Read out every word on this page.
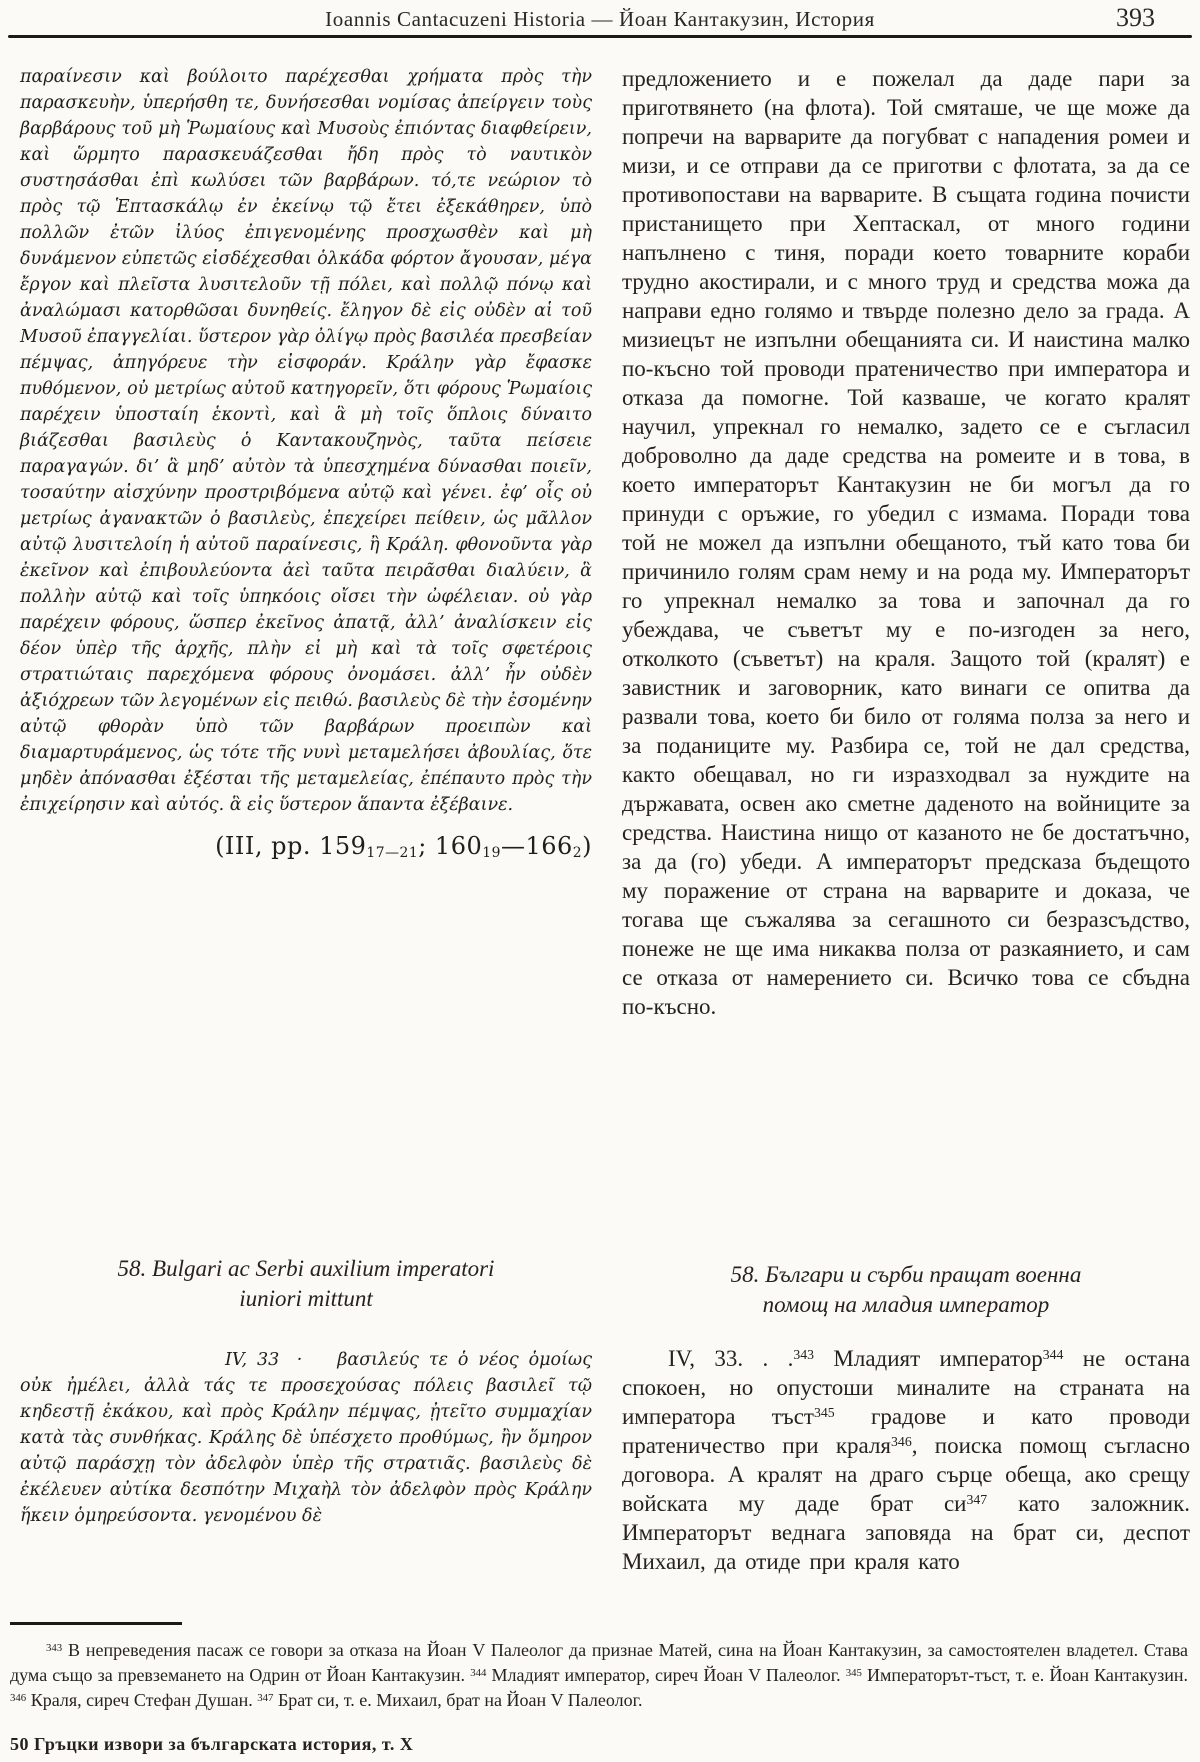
Ioannis Cantacuzeni Historia — Йоан Кантакузин, История	393

παραίνεσιν καὶ βούλοιτο παρέχεσθαι χρήματα πρὸς τὴν παρασκευὴν, ὑπερήσθη τε, δυνήσεσθαι νομίσας ἀπείργειν τοὺς βαρβάρους τοῦ μὴ Ῥωμαίους καὶ Μυσοὺς ἐπιόντας διαφθείρειν, καὶ ὥρμητο παρασκευάζεσθαι ἤδη πρὸς τὸ ναυτικὸν συστησάσθαι ἐπὶ κωλύσει τῶν βαρβάρων. τό,τε νεώριον τὸ πρὸς τῷ Ἑπτασκάλῳ ἐν ἐκείνῳ τῷ ἔτει ἐξεκάθηρεν, ὑπὸ πολλῶν ἐτῶν ἰλύος ἐπιγενομένης προσχωσθὲν καὶ μὴ δυνάμενον εὐπετῶς εἰσδέχεσθαι ὁλκάδα φόρτον ἄγουσαν, μέγα ἔργον καὶ πλεῖστα λυσιτελοῦν τῇ πόλει, καὶ πολλῷ πόνῳ καὶ ἀναλώμασι κατορθῶσαι δυνηθείς. ἔληγον δὲ εἰς οὐδὲν αἱ τοῦ Μυσοῦ ἐπαγγελίαι. ὕστερον γὰρ ὀλίγῳ πρὸς βασιλέα πρεσβείαν πέμψας, ἀπηγόρευε τὴν εἰσφοράν. Κράλην γὰρ ἔφασκε πυθόμενον, οὐ μετρίως αὐτοῦ κατηγορεῖν, ὅτι φόρους Ῥωμαίοις παρέχειν ὑποσταίη ἑκοντὶ, καὶ ἃ μὴ τοῖς ὅπλοις δύναιτο βιάζεσθαι βασιλεὺς ὁ Καντακουζηνὸς, ταῦτα πείσειε παραγαγών. δι’ ἃ μηδ’ αὐτὸν τὰ ὑπεσχημένα δύνασθαι ποιεῖν, τοσαύτην αἰσχύνην προστριβόμενα αὐτῷ καὶ γένει. ἐφ’ οἷς οὐ μετρίως ἀγανακτῶν ὁ βασιλεὺς, ἐπεχείρει πείθειν, ὡς μᾶλλον αὐτῷ λυσιτελοίη ἡ αὐτοῦ παραίνεσις, ἢ Κράλη. φθονοῦντα γὰρ ἐκεῖνον καὶ ἐπιβουλεύοντα ἀεὶ ταῦτα πειρᾶσθαι διαλύειν, ἃ πολλὴν αὐτῷ καὶ τοῖς ὑπηκόοις οἴσει τὴν ὠφέλειαν. οὐ γὰρ παρέχειν φόρους, ὥσπερ ἐκεῖνος ἀπατᾷ, ἀλλ’ ἀναλίσκειν εἰς δέον ὑπὲρ τῆς ἀρχῆς, πλὴν εἰ μὴ καὶ τὰ τοῖς σφετέροις στρατιώταις παρεχόμενα φόρους ὀνομάσει. ἀλλ’ ἦν οὐδὲν ἀξιόχρεων τῶν λεγομένων εἰς πειθώ. βασιλεὺς δὲ τὴν ἐσομένην αὐτῷ φθορὰν ὑπὸ τῶν βαρβάρων προειπὼν καὶ διαμαρτυράμενος, ὡς τότε τῆς νυνὶ μεταμελήσει ἀβουλίας, ὅτε μηδὲν ἀπόνασθαι ἐξέσται τῆς μεταμελείας, ἐπέπαυτο πρὸς τὴν ἐπιχείρησιν καὶ αὐτός. ἃ εἰς ὕστερον ἅπαντα ἐξέβαινε.

(III, pp. $159_{17—21}$; $160_{19}—166_2$)

58. Bulgari ac Serbi auxilium imperatori
iuniori mittunt

IV, 33 ·  βασιλεύς τε ὁ νέος ὁμοίως οὐκ ἠμέλει, ἀλλὰ τάς τε προσεχούσας πόλεις βασιλεῖ τῷ κηδεστῇ ἐκάκου, καὶ πρὸς Κράλην πέμψας, ᾐτεῖτο συμμαχίαν κατὰ τὰς συνθήκας. Κράλης δὲ ὑπέσχετο προθύμως, ἢν ὅμηρον αὐτῷ παράσχῃ τὸν ἀδελφὸν ὑπὲρ τῆς στρατιᾶς. βασιλεὺς δὲ ἐκέλευεν αὐτίκα δεσπότην Μιχαὴλ τὸν ἀδελφὸν πρὸς Κράλην ἥκειν ὁμηρεύσοντα. γενομένου δὲ

предложението и е пожелал да даде пари за приготвянето (на флота). Той смяташе, че ще може да попречи на варварите да погубват с нападения ромеи и мизи, и се отправи да се приготви с флотата, за да се противопостави на варварите. В същата година почисти пристанището при Хептаскал, от много години напълнено с тиня, поради което товарните кораби трудно акостирали, и с много труд и средства можа да направи едно голямо и твърде полезно дело за града. А мизиецът не изпълни обещанията си. И наистина малко по-късно той проводи пратеничество при императора и отказа да помогне. Той казваше, че когато кралят научил, упрекнал го немалко, задето се е съгласил доброволно да даде средства на ромеите и в това, в което императорът Кантакузин не би могъл да го принуди с оръжие, го убедил с измама. Поради това той не можел да изпълни обещаното, тъй като това би причинило голям срам нему и на рода му. Императорът го упрекнал немалко за това и започнал да го убеждава, че съветът му е по-изгоден за него, отколкото (съветът) на краля. Защото той (кралят) е завистник и заговорник, като винаги се опитва да развали това, което би било от голяма полза за него и за поданиците му. Разбира се, той не дал средства, както обещавал, но ги изразходвал за нуждите на държавата, освен ако сметне даденото на войниците за средства. Наистина нищо от казаното не бе достатъчно, за да (го) убеди. А императорът предсказа бъдещото му поражение от страна на варварите и доказа, че тогава ще съжалява за сегашното си безразсъдство, понеже не ще има никаква полза от разкаянието, и сам се отказа от намерението си. Всичко това се сбъдна по-късно.

58. Българи и сърби пращат военна
помощ на младия император

IV, 33. . .$^{343}$ Младият император$^{344}$ не остана спокоен, но опустоши миналите на страната на императора тъст$^{345}$ градове и като проводи пратеничество при краля$^{346}$, поиска помощ съгласно договора. А кралят на драго сърце обеща, ако срещу войската му даде брат $си^{347}$ като заложник. Императорът веднага заповяда на брат си, деспот Михаил, да отиде при краля като

$^{343}$ В непреведения пасаж се говори за отказа на Йоан V Палеолог да признае Матей, сина на Йоан Кантакузин, за самостоятелен владетел. Става дума също за превземането на Одрин от Йоан Кантакузин. $^{344}$ Младият император, сиреч Йоан V Палеолог. $^{345}$ Императорът-тъст, т. е. Йоан Кантакузин. $^{346}$ Краля, сиреч Стефан Душан. $^{347}$ Брат си, т. е. Михаил, брат на Йоан V Палеолог.

50 Гръцки извори за българската история, т. X
